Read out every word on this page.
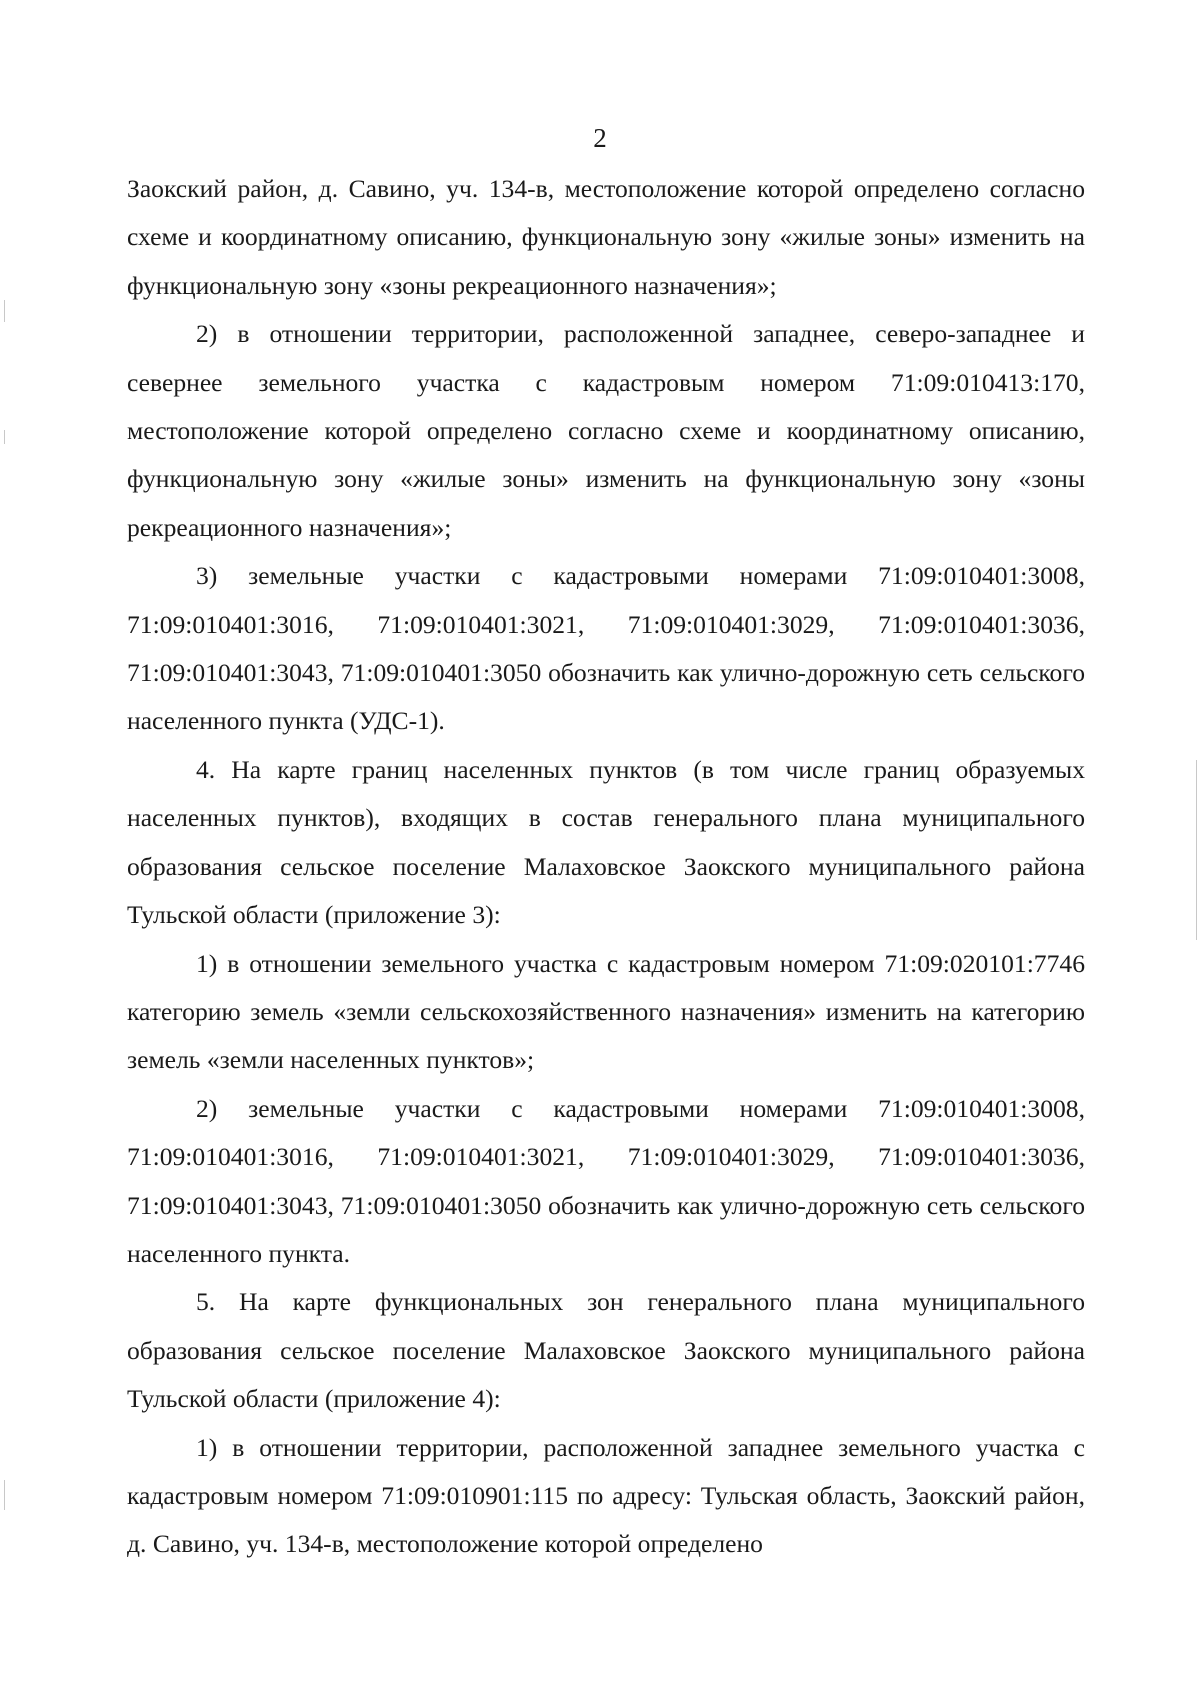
2

Заокский район, д. Савино, уч. 134-в, местоположение которой определено согласно схеме и координатному описанию, функциональную зону «жилые зоны» изменить на функциональную зону «зоны рекреационного назначения»;

2) в отношении территории, расположенной западнее, северо-западнее и севернее земельного участка с кадастровым номером 71:09:010413:170, местоположение которой определено согласно схеме и координатному описанию, функциональную зону «жилые зоны» изменить на функциональную зону «зоны рекреационного назначения»;

3) земельные участки с кадастровыми номерами 71:09:010401:3008, 71:09:010401:3016, 71:09:010401:3021, 71:09:010401:3029, 71:09:010401:3036, 71:09:010401:3043, 71:09:010401:3050 обозначить как улично-дорожную сеть сельского населенного пункта (УДС-1).

4. На карте границ населенных пунктов (в том числе границ образуемых населенных пунктов), входящих в состав генерального плана муниципального образования сельское поселение Малаховское Заокского муниципального района Тульской области (приложение 3):

1) в отношении земельного участка с кадастровым номером 71:09:020101:7746 категорию земель «земли сельскохозяйственного назначения» изменить на категорию земель «земли населенных пунктов»;

2) земельные участки с кадастровыми номерами 71:09:010401:3008, 71:09:010401:3016, 71:09:010401:3021, 71:09:010401:3029, 71:09:010401:3036, 71:09:010401:3043, 71:09:010401:3050 обозначить как улично-дорожную сеть сельского населенного пункта.

5. На карте функциональных зон генерального плана муниципального образования сельское поселение Малаховское Заокского муниципального района Тульской области (приложение 4):

1) в отношении территории, расположенной западнее земельного участка с кадастровым номером 71:09:010901:115 по адресу: Тульская область, Заокский район, д. Савино, уч. 134-в, местоположение которой определено
